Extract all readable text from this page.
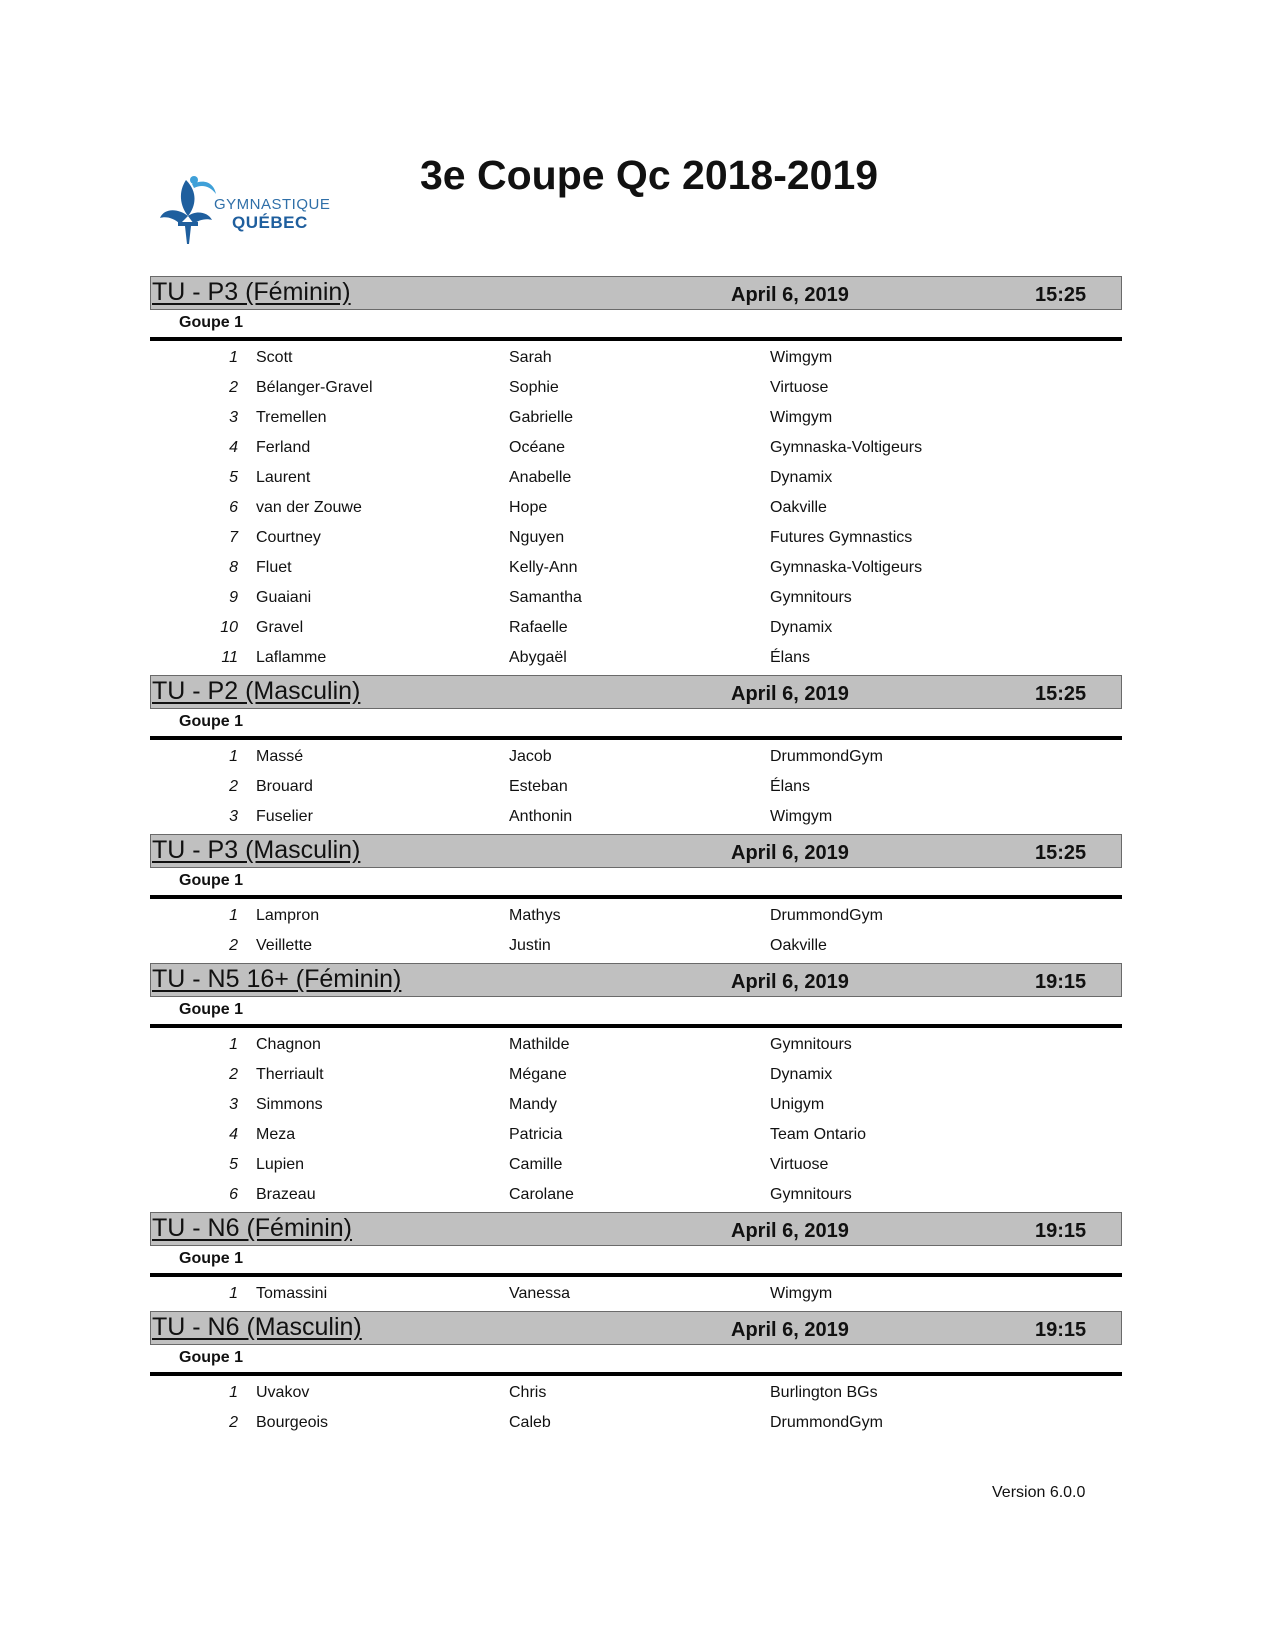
GYMNASTIQUE
QUÉBEC
3e Coupe Qc 2018-2019
TU - P3 (Féminin)	April 6, 2019	15:25
Goupe 1
1 Scott	Sarah	Wimgym
2 Bélanger-Gravel	Sophie	Virtuose
3 Tremellen	Gabrielle	Wimgym
4 Ferland	Océane	Gymnaska-Voltigeurs
5 Laurent	Anabelle	Dynamix
6 van der Zouwe	Hope	Oakville
7 Courtney	Nguyen	Futures Gymnastics
8 Fluet	Kelly-Ann	Gymnaska-Voltigeurs
9 Guaiani	Samantha	Gymnitours
10 Gravel	Rafaelle	Dynamix
11 Laflamme	Abygaël	Élans
TU - P2 (Masculin)	April 6, 2019	15:25
Goupe 1
1 Massé	Jacob	DrummondGym
2 Brouard	Esteban	Élans
3 Fuselier	Anthonin	Wimgym
TU - P3 (Masculin)	April 6, 2019	15:25
Goupe 1
1 Lampron	Mathys	DrummondGym
2 Veillette	Justin	Oakville
TU - N5 16+ (Féminin)	April 6, 2019	19:15
Goupe 1
1 Chagnon	Mathilde	Gymnitours
2 Therriault	Mégane	Dynamix
3 Simmons	Mandy	Unigym
4 Meza	Patricia	Team Ontario
5 Lupien	Camille	Virtuose
6 Brazeau	Carolane	Gymnitours
TU - N6 (Féminin)	April 6, 2019	19:15
Goupe 1
1 Tomassini	Vanessa	Wimgym
TU - N6 (Masculin)	April 6, 2019	19:15
Goupe 1
1 Uvakov	Chris	Burlington BGs
2 Bourgeois	Caleb	DrummondGym
Version 6.0.0
